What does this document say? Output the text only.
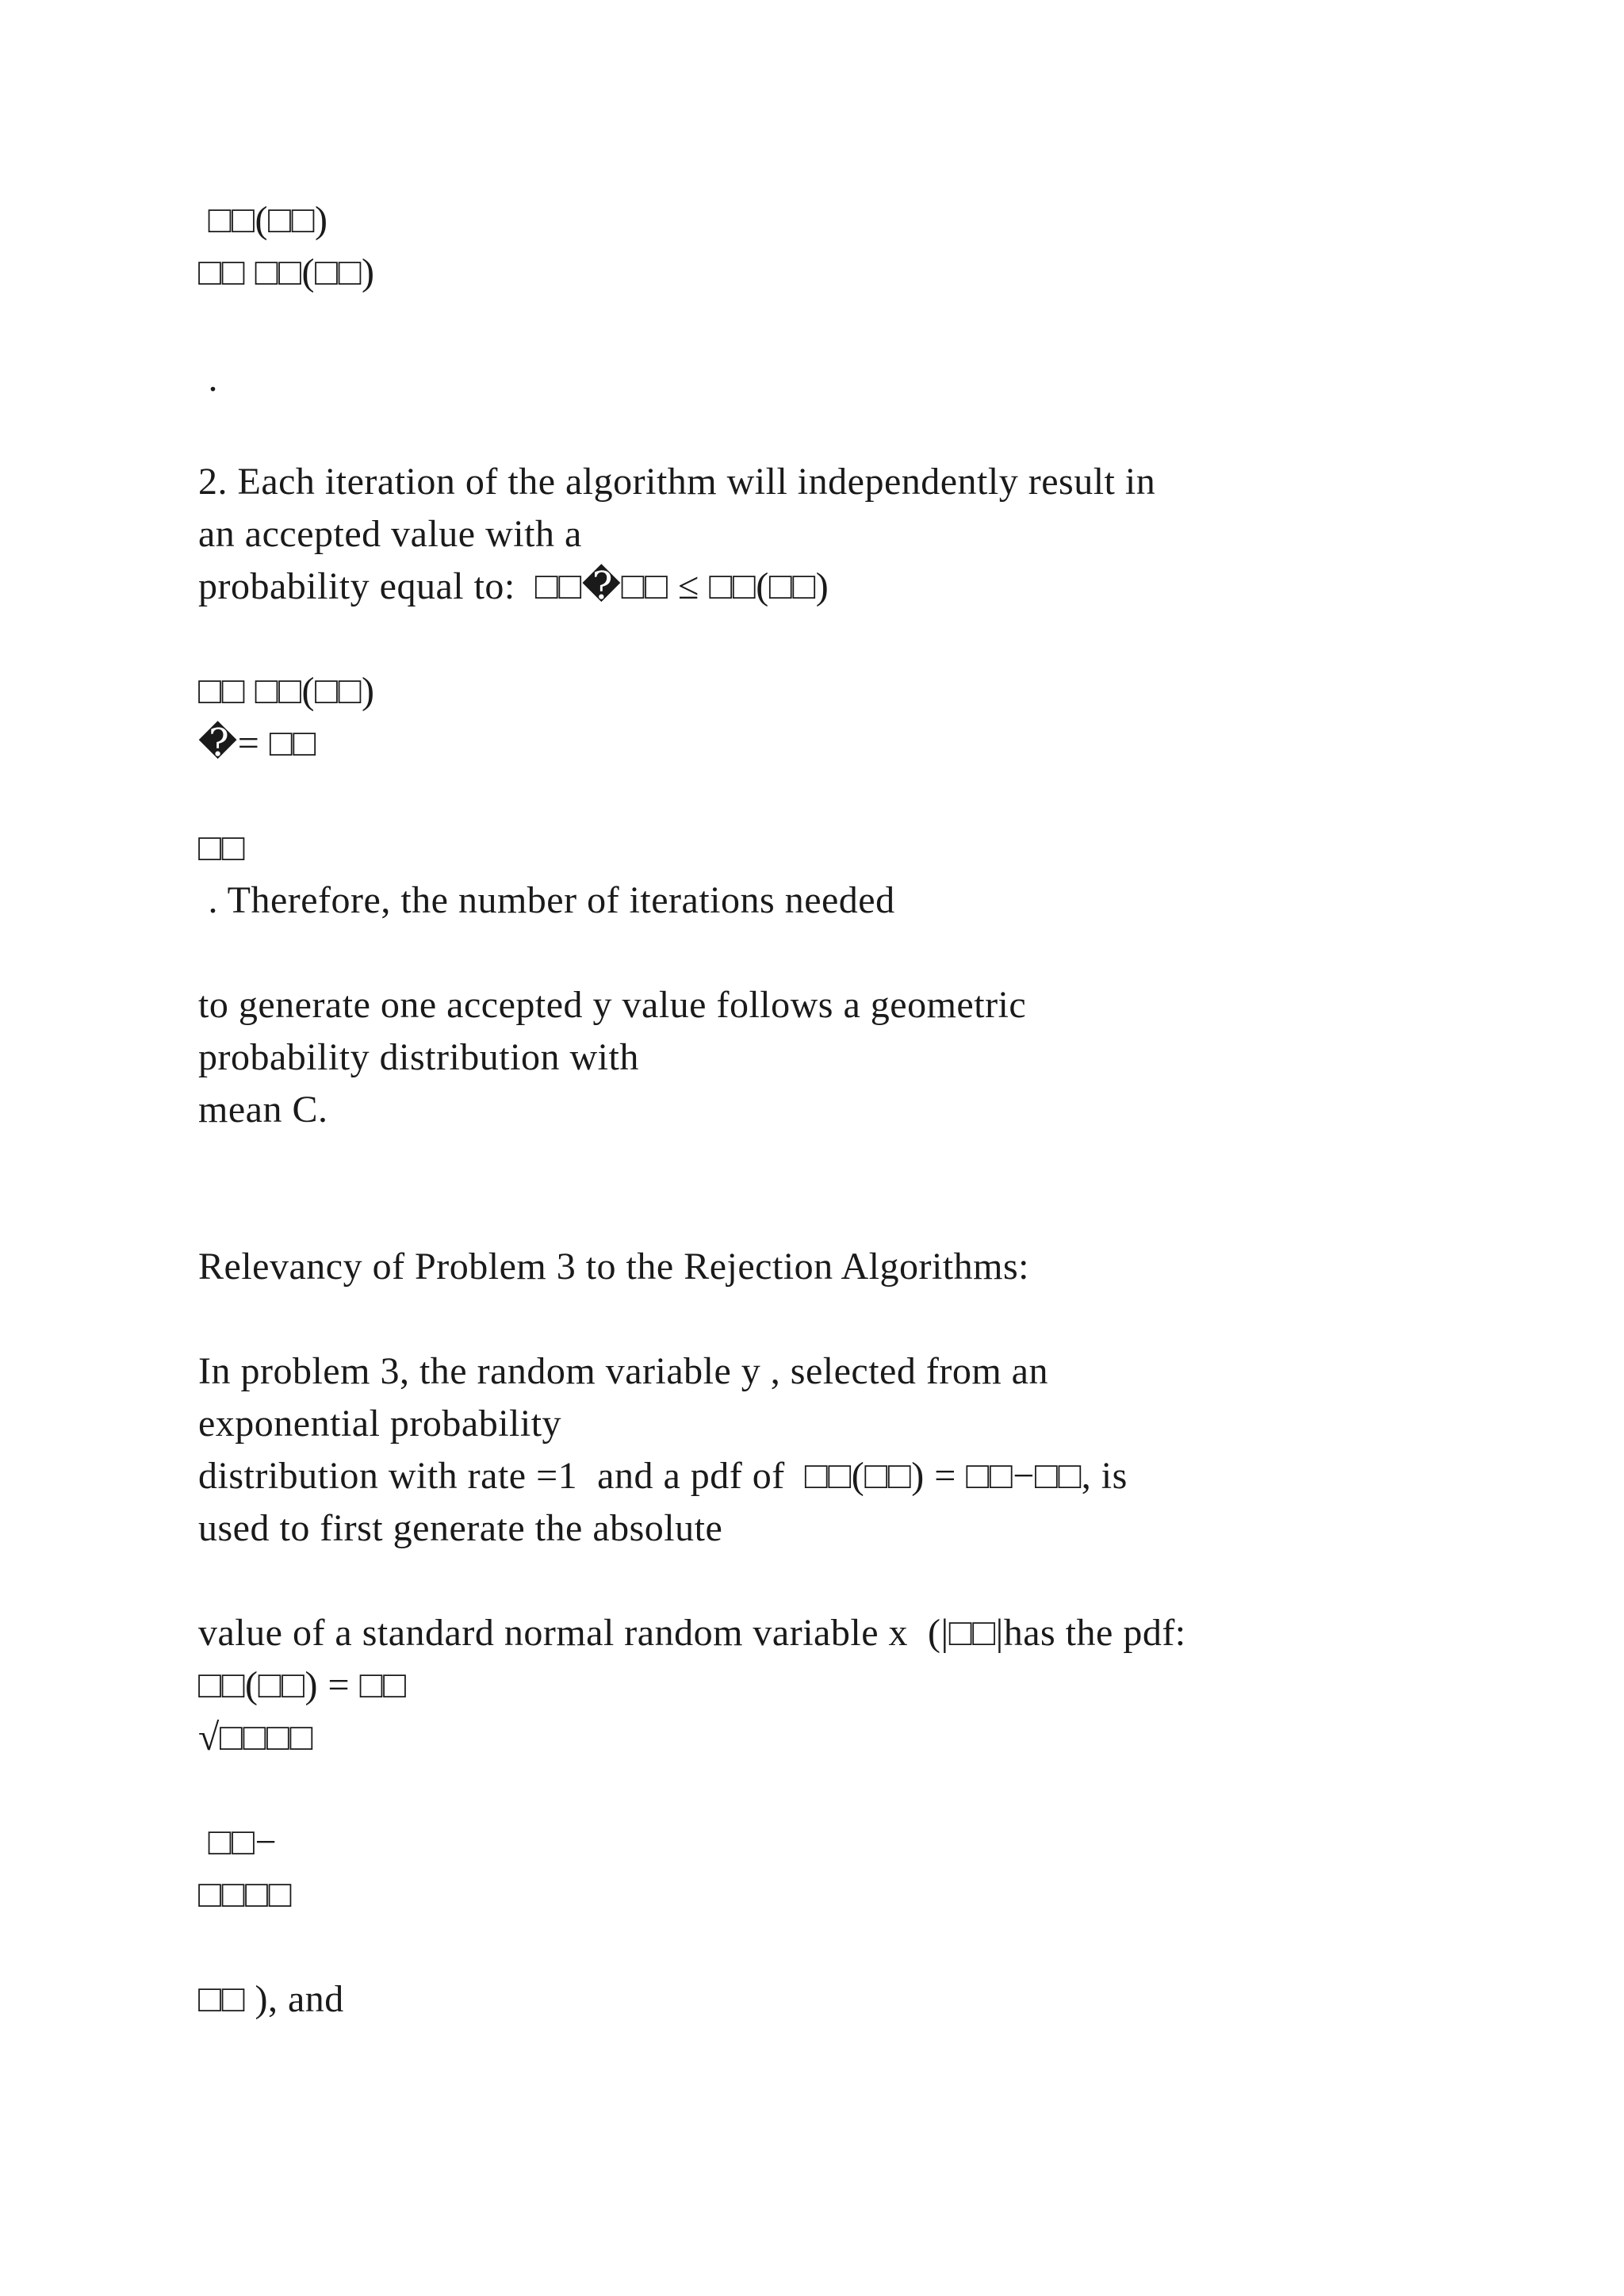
□□(□□)

□□ □□(□□)

.

2. Each iteration of the algorithm will independently result in

an accepted value with a

probability equal to:  □□�□□ ≤ □□(□□)

□□ □□(□□)

�= □□

□□

. Therefore, the number of iterations needed

to generate one accepted y value follows a geometric

probability distribution with

mean C.

Relevancy of Problem 3 to the Rejection Algorithms:

In problem 3, the random variable y , selected from an

exponential probability

distribution with rate =1  and a pdf of  □□(□□) = □□−□□, is

used to first generate the absolute

value of a standard normal random variable x  (|□□|has the pdf:

□□(□□) = □□

√□□□□

□□−

□□□□

□□ ), and
